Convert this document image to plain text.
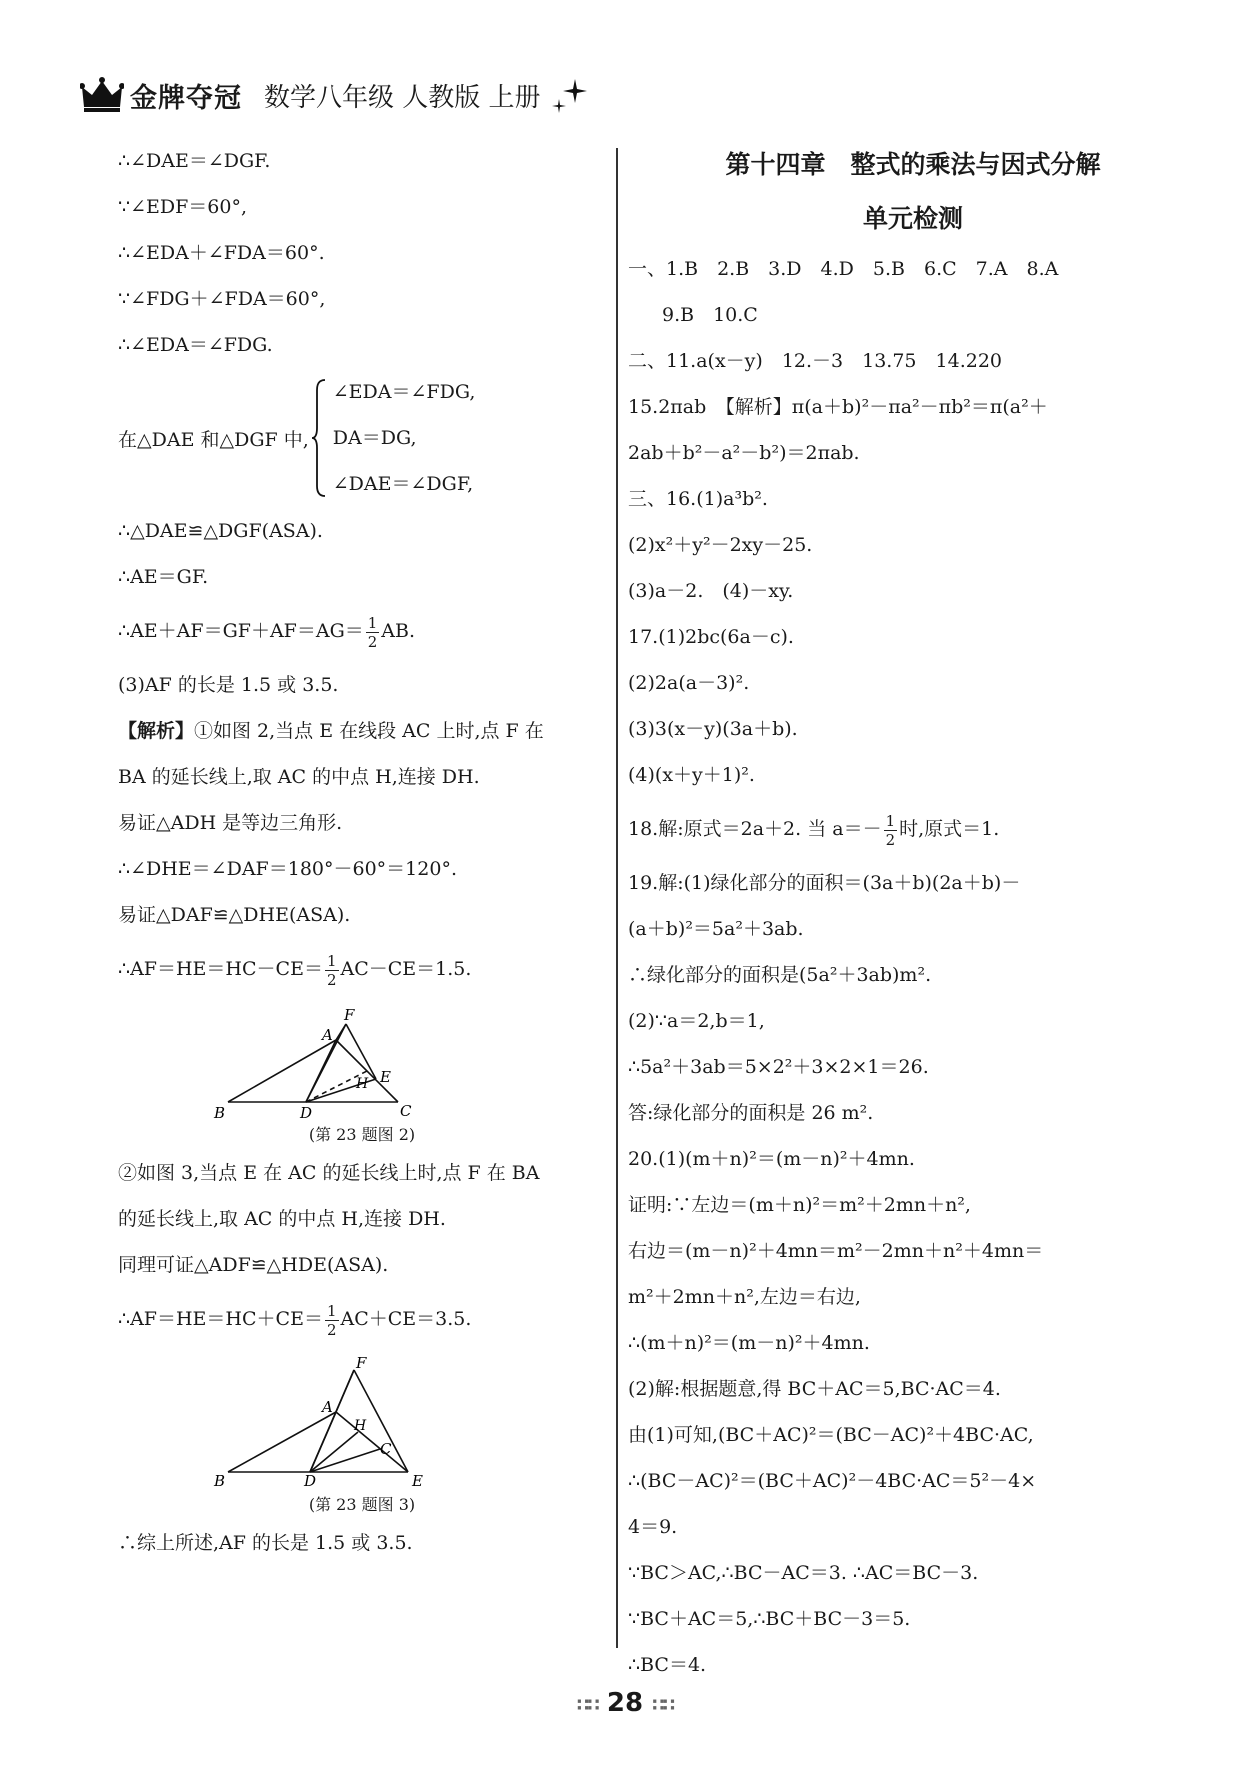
金牌夺冠 数学八年级 人教版 上册
∴∠DAE＝∠DGF.
∵∠EDF＝60°,
∴∠EDA＋∠FDA＝60°.
∵∠FDG＋∠FDA＝60°,
∴∠EDA＝∠FDG.
在△DAE 和△DGF 中,
∠EDA＝∠FDG,
DA＝DG,
∠DAE＝∠DGF,
∴△DAE≌△DGF(ASA).
∴AE＝GF.
∴AE＋AF＝GF＋AF＝AG＝ $\frac{1}{2}$ AB.
(3)AF 的长是 1.5 或 3.5.
【解析】①如图 2,当点 E 在线段 AC 上时,点 F 在
BA 的延长线上,取 AC 的中点 H,连接 DH.
易证△ADH 是等边三角形.
∴∠DHE＝∠DAF＝180°－60°＝120°.
易证△DAF≌△DHE(ASA).
∴AF＝HE＝HC－CE＝ $\frac{1}{2} AC-CE=1.5$.
B	D	C
A
F
E
H
(第 23 题图 2)
②如图 3,当点 E 在 AC 的延长线上时,点 F 在 BA
的延长线上,取 AC 的中点 H,连接 DH.
同理可证△ADF≌△HDE(ASA).
∴AF＝HE＝HC＋CE＝ $\frac{1}{2} AC+CE=3.5$.
B	D	E
A
F
C
H
(第 23 题图 3)
∴综上所述,AF 的长是 1.5 或 3.5.
第十四章　整式的乘法与因式分解
单元检测
一、1.B　2.B　3.D　4.D　5.B　6.C　7.A　8.A
9.B　10.C
二、11.a(x－y)　12.－3　13.75　14.220
15.2πab　【解析】π(a＋b)²－πa²－πb²＝π(a²＋
2ab＋b²－a²－b²)＝2πab.
三、16.(1)a³b².
(2)x²＋y²－2xy－25.
(3)a－2.　(4)－xy.
17.(1)2bc(6a－c).
(2)2a(a－3)².
(3)3(x－y)(3a＋b).
(4)(x＋y＋1)².
18.解:原式＝2a＋2. 当 $a=- \frac{1}{2}$ 时,原式＝1.
19.解:(1)绿化部分的面积＝(3a＋b)(2a＋b)－
(a＋b)²＝5a²＋3ab.
∴绿化部分的面积是(5a²＋3ab)m².
(2)∵a＝2,b＝1,
∴5a²＋3ab＝5×2²＋3×2×1＝26.
答:绿化部分的面积是 26 m².
20.(1)(m＋n)²＝(m－n)²＋4mn.
证明:∵左边＝(m＋n)²＝m²＋2mn＋n²,
右边＝(m－n)²＋4mn＝m²－2mn＋n²＋4mn＝
m²＋2mn＋n²,左边＝右边,
∴(m＋n)²＝(m－n)²＋4mn.
(2)解:根据题意,得 BC＋AC＝5,BC·AC＝4.
由(1)可知,(BC＋AC)²＝(BC－AC)²＋4BC·AC,
∴(BC－AC)²＝(BC＋AC)²－4BC·AC＝5²－4×
4＝9.
∵BC＞AC,∴BC－AC＝3. ∴AC＝BC－3.
∵BC＋AC＝5,∴BC＋BC－3＝5.
∴BC＝4.
∷∷ 28 ∷∷
